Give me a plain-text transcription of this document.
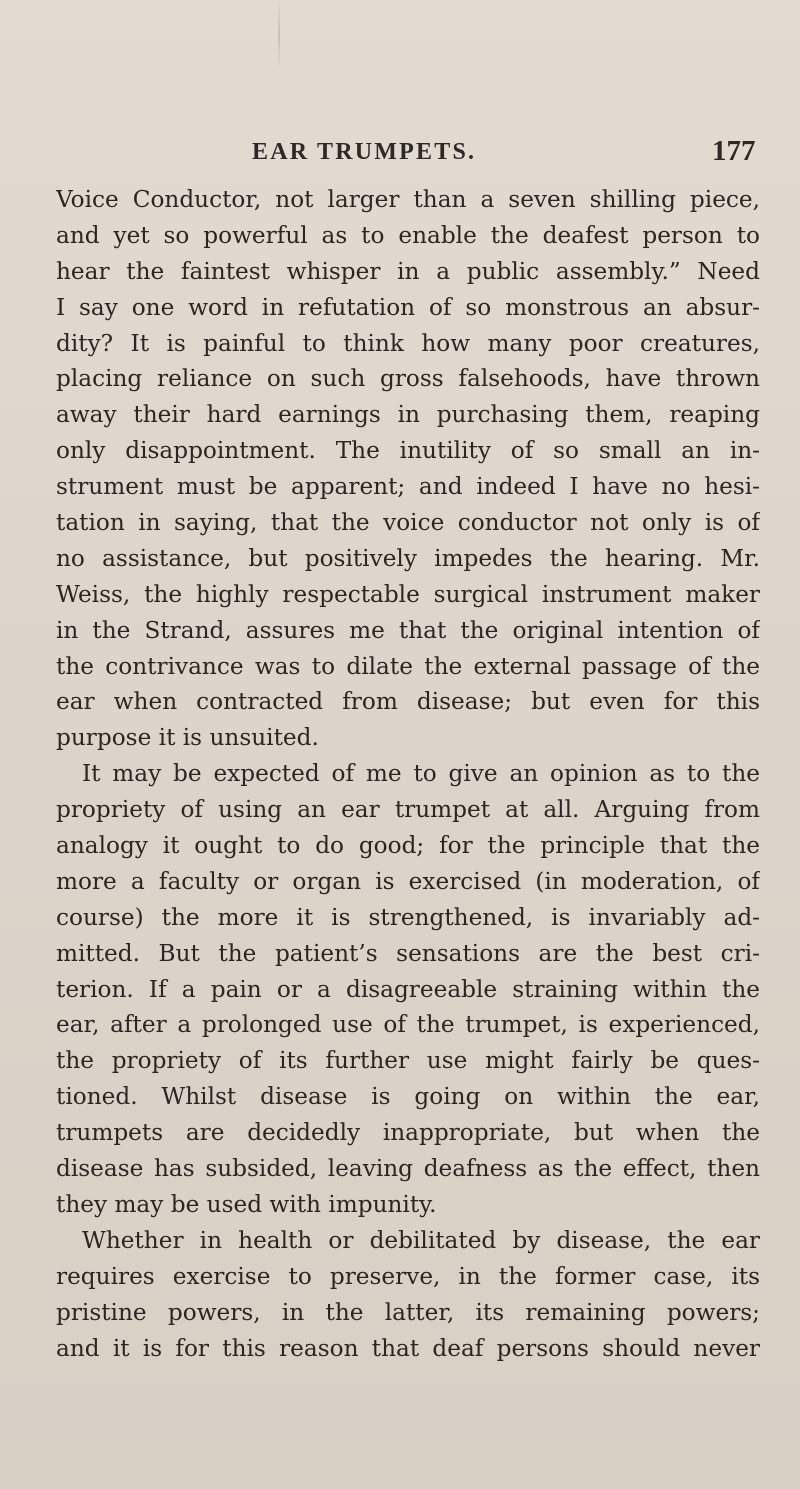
EAR TRUMPETS.	177
Voice Conductor, not larger than a seven shilling piece,
and yet so powerful as to enable the deafest person to
hear the faintest whisper in a public assembly.” Need
I say one word in refutation of so monstrous an absur-
dity? It is painful to think how many poor creatures,
placing reliance on such gross falsehoods, have thrown
away their hard earnings in purchasing them, reaping
only disappointment. The inutility of so small an in-
strument must be apparent; and indeed I have no hesi-
tation in saying, that the voice conductor not only is of
no assistance, but positively impedes the hearing. Mr.
Weiss, the highly respectable surgical instrument maker
in the Strand, assures me that the original intention of
the contrivance was to dilate the external passage of the
ear when contracted from disease; but even for this
purpose it is unsuited.
It may be expected of me to give an opinion as to the
propriety of using an ear trumpet at all. Arguing from
analogy it ought to do good; for the principle that the
more a faculty or organ is exercised (in moderation, of
course) the more it is strengthened, is invariably ad-
mitted. But the patient’s sensations are the best cri-
terion. If a pain or a disagreeable straining within the
ear, after a prolonged use of the trumpet, is experienced,
the propriety of its further use might fairly be ques-
tioned. Whilst disease is going on within the ear,
trumpets are decidedly inappropriate, but when the
disease has subsided, leaving deafness as the effect, then
they may be used with impunity.
Whether in health or debilitated by disease, the ear
requires exercise to preserve, in the former case, its
pristine powers, in the latter, its remaining powers;
and it is for this reason that deaf persons should never
